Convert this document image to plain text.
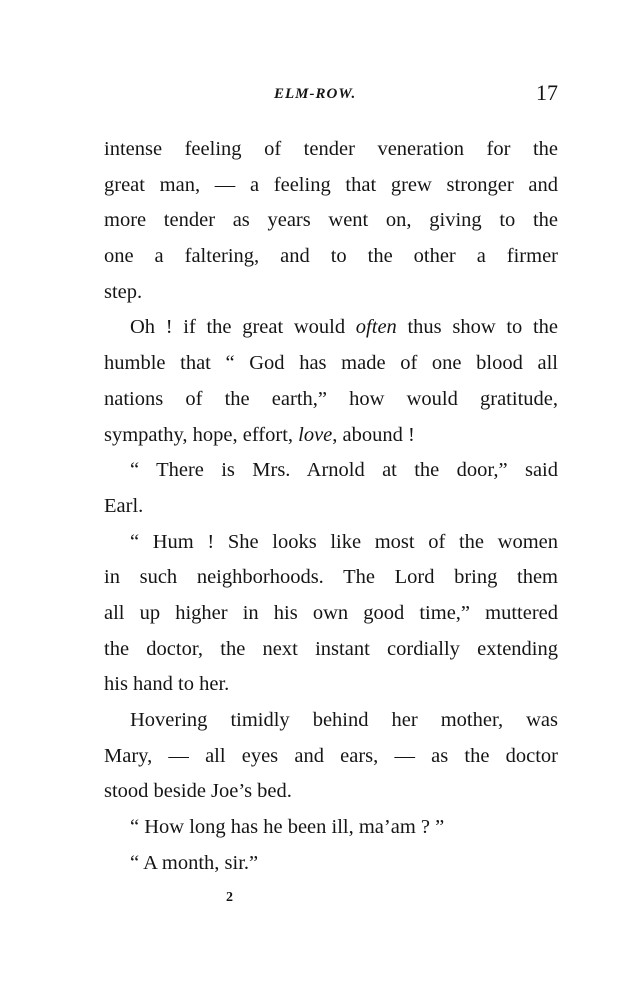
ELM-ROW.	17
intense feeling of tender veneration for the
great man, — a feeling that grew stronger and
more tender as years went on, giving to the
one a faltering, and to the other a firmer
step.
Oh ! if the great would often thus show to the
humble that “ God has made of one blood all
nations of the earth,” how would gratitude,
sympathy, hope, effort, love, abound !
“ There is Mrs. Arnold at the door,” said
Earl.
“ Hum ! She looks like most of the women
in such neighborhoods. The Lord bring them
all up higher in his own good time,” muttered
the doctor, the next instant cordially extending
his hand to her.
Hovering timidly behind her mother, was
Mary, — all eyes and ears, — as the doctor
stood beside Joe’s bed.
“ How long has he been ill, ma’am ? ”
“ A month, sir.”
2
